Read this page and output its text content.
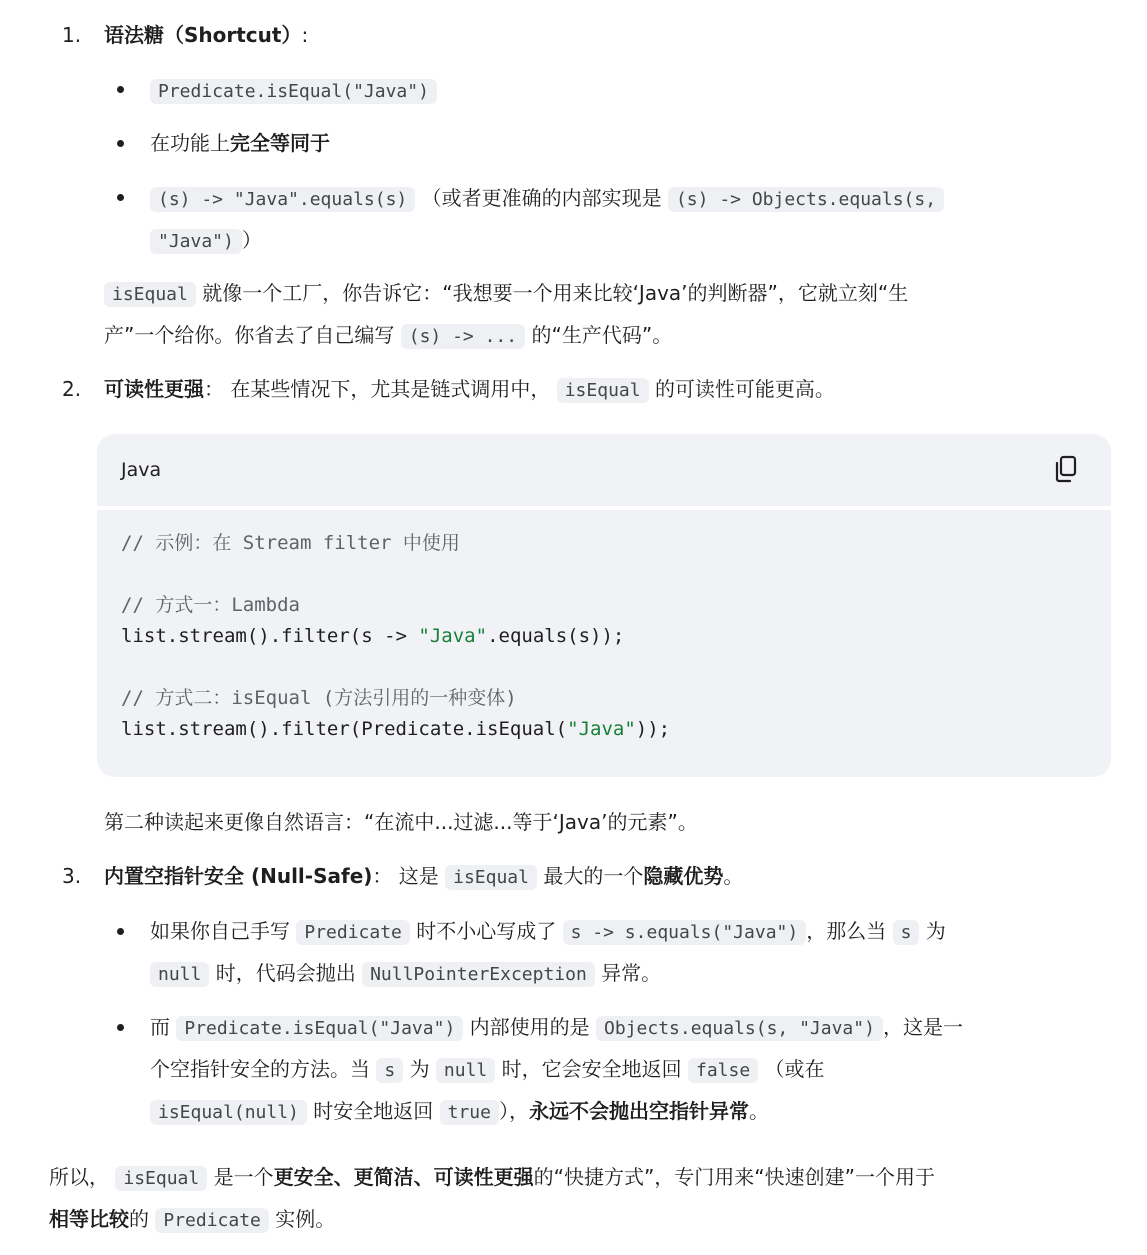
1. 语法糖（Shortcut）:
Predicate.isEqual("Java")
在功能上完全等同于
(s) -> "Java".equals(s) （或者更准确的内部实现是 (s) -> Objects.equals(s,
"Java") ）
isEqual 就像一个工厂，你告诉它：“我想要一个用来比较‘Java’的判断器”，它就立刻“生
产”一个给你。你省去了自己编写 (s) -> ... 的“生产代码”。
2. 可读性更强： 在某些情况下，尤其是链式调用中， isEqual 的可读性可能更高。
Java
// 示例：在 Stream filter 中使用

// 方式一：Lambda
list.stream().filter(s -> "Java".equals(s));

// 方式二：isEqual (方法引用的一种变体)
list.stream().filter(Predicate.isEqual("Java"));
第二种读起来更像自然语言：“在流中...过滤...等于‘Java’的元素”。
3. 内置空指针安全 (Null-Safe)： 这是 isEqual 最大的一个隐藏优势。
如果你自己手写 Predicate 时不小心写成了 s -> s.equals("Java") ，那么当 s 为
null 时，代码会抛出 NullPointerException 异常。
而 Predicate.isEqual("Java") 内部使用的是 Objects.equals(s, "Java") ，这是一
个空指针安全的方法。当 s 为 null 时，它会安全地返回 false （或在
isEqual(null) 时安全地返回 true ），永远不会抛出空指针异常。
所以， isEqual 是一个更安全、更简洁、可读性更强的“快捷方式”，专门用来“快速创建”一个用于
相等比较的 Predicate 实例。
